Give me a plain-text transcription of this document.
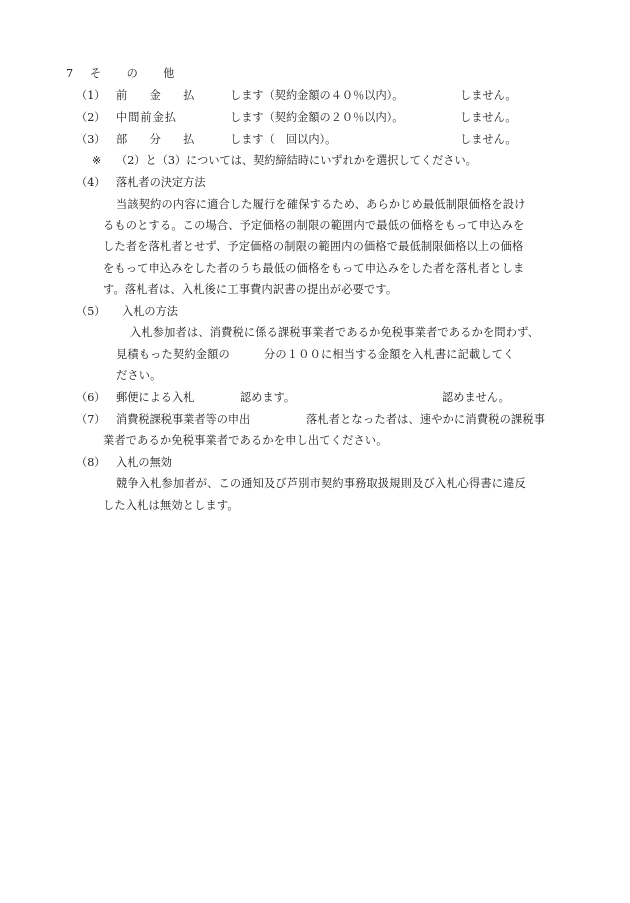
7 そ　　の　　他
（1） 前　　金　　払	します（契約金額の４０％以内）。	しません。
（2） 中間前金払	します（契約金額の２０％以内）。	しません。
（3） 部　　分　　払	します（　回以内）。	しません。
※ （2）と（3）については、契約締結時にいずれかを選択してください。
（4） 落札者の決定方法
当該契約の内容に適合した履行を確保するため、あらかじめ最低制限価格を設け
るものとする。この場合、予定価格の制限の範囲内で最低の価格をもって申込みを
した者を落札者とせず、予定価格の制限の範囲内の価格で最低制限価格以上の価格
をもって申込みをした者のうち最低の価格をもって申込みをした者を落札者としま
す。落札者は、入札後に工事費内訳書の提出が必要です。
（5） 入札の方法
入札参加者は、消費税に係る課税事業者であるか免税事業者であるかを問わず、
見積もった契約金額の　　　分の１００に相当する金額を入札書に記載してく
ださい。
（6） 郵便による入札	認めます。	認めません。
（7） 消費税課税事業者等の申出	落札者となった者は、速やかに消費税の課税事
業者であるか免税事業者であるかを申し出てください。
（8） 入札の無効
競争入札参加者が、この通知及び芦別市契約事務取扱規則及び入札心得書に違反
した入札は無効とします。
